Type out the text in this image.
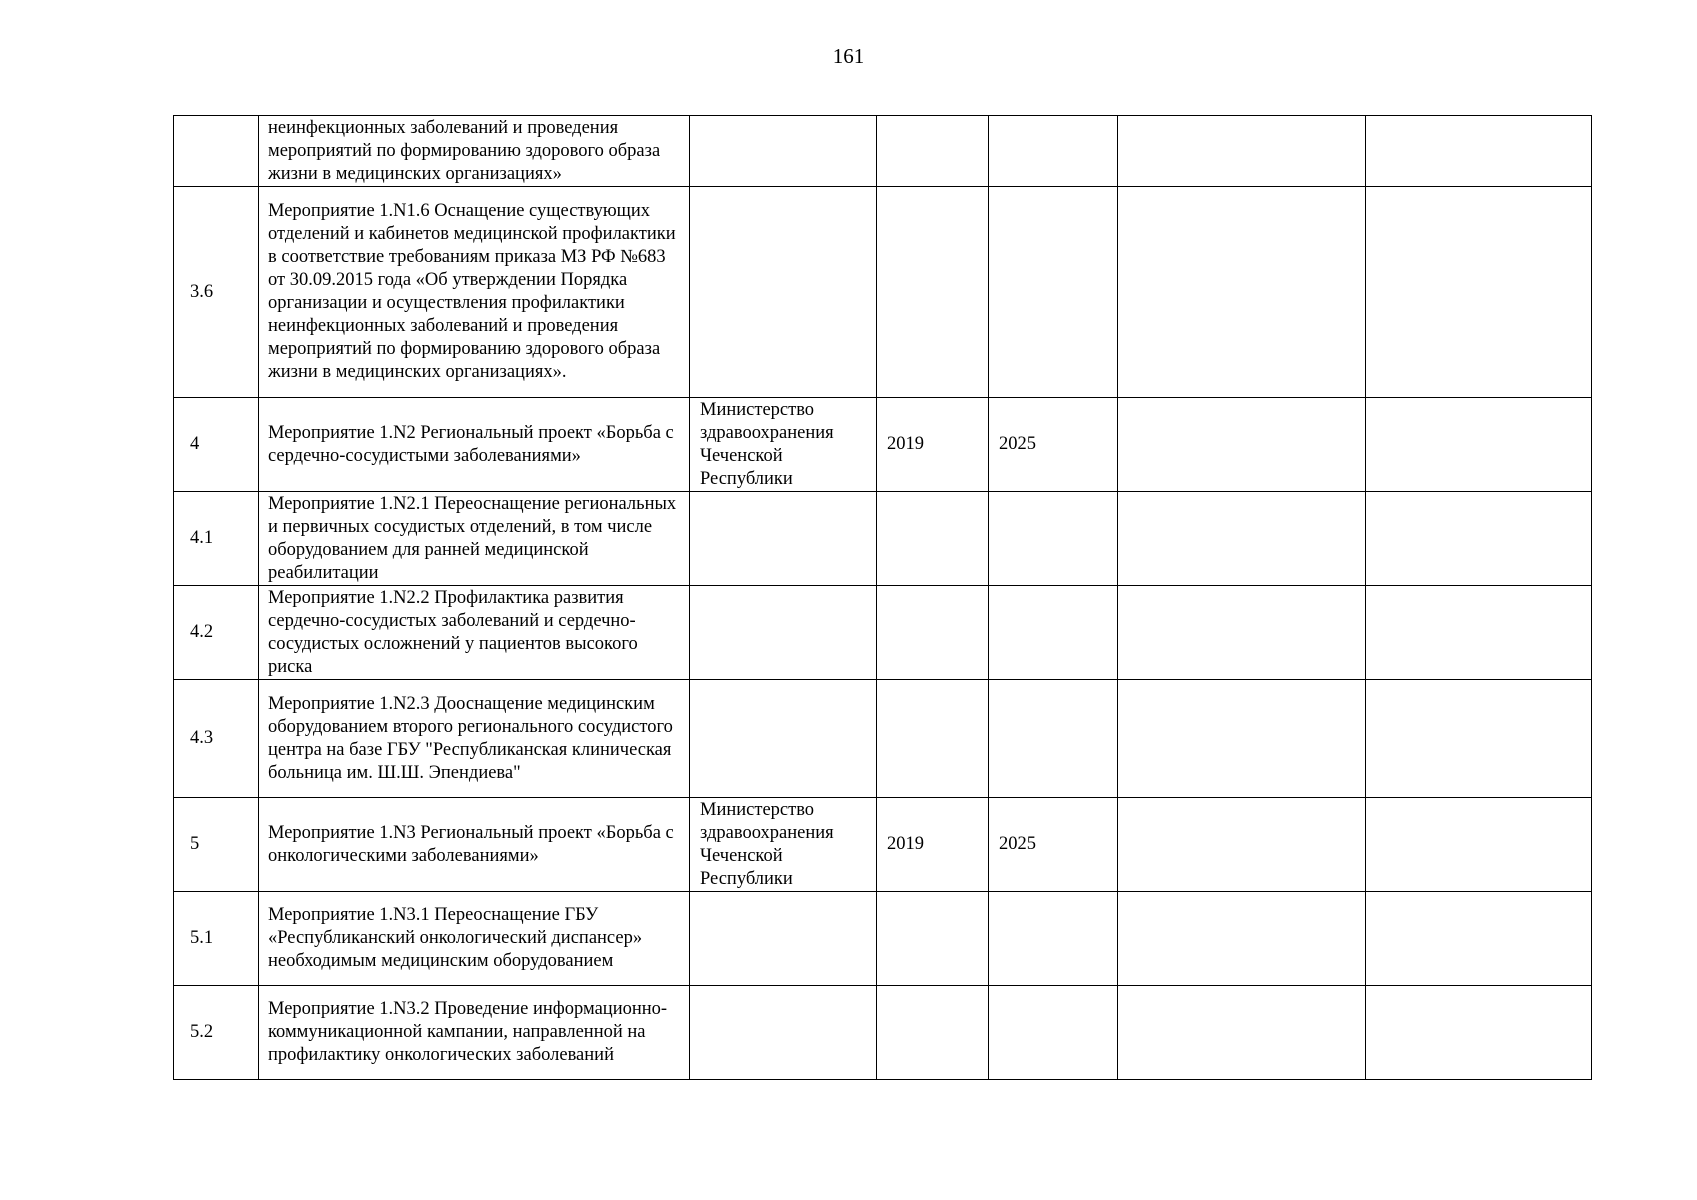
161
	неинфекционных заболеваний и проведения мероприятий по формированию здорового образа жизни в медицинских организациях»					
3.6	Мероприятие 1.N1.6 Оснащение существующих отделений и кабинетов медицинской профилактики в соответствие требованиям приказа МЗ РФ №683 от 30.09.2015 года «Об утверждении Порядка организации и осуществления профилактики неинфекционных заболеваний и проведения мероприятий по формированию здорового образа жизни в медицинских организациях».					
4	Мероприятие 1.N2 Региональный проект «Борьба с сердечно-сосудистыми заболеваниями»	Министерство здравоохранения Чеченской Республики	2019	2025		
4.1	Мероприятие 1.N2.1 Переоснащение региональных и первичных сосудистых отделений, в том числе оборудованием для ранней медицинской реабилитации					
4.2	Мероприятие 1.N2.2 Профилактика развития сердечно-сосудистых заболеваний и сердечно-сосудистых осложнений у пациентов высокого риска					
4.3	Мероприятие 1.N2.3 Дооснащение медицинским оборудованием второго регионального сосудистого центра на базе ГБУ "Республиканская клиническая больница им. Ш.Ш. Эпендиева"					
5	Мероприятие 1.N3 Региональный проект «Борьба с онкологическими заболеваниями»	Министерство здравоохранения Чеченской Республики	2019	2025		
5.1	Мероприятие 1.N3.1 Переоснащение ГБУ «Республиканский онкологический диспансер» необходимым медицинским оборудованием					
5.2	Мероприятие 1.N3.2 Проведение информационно-коммуникационной кампании, направленной на профилактику онкологических заболеваний					
